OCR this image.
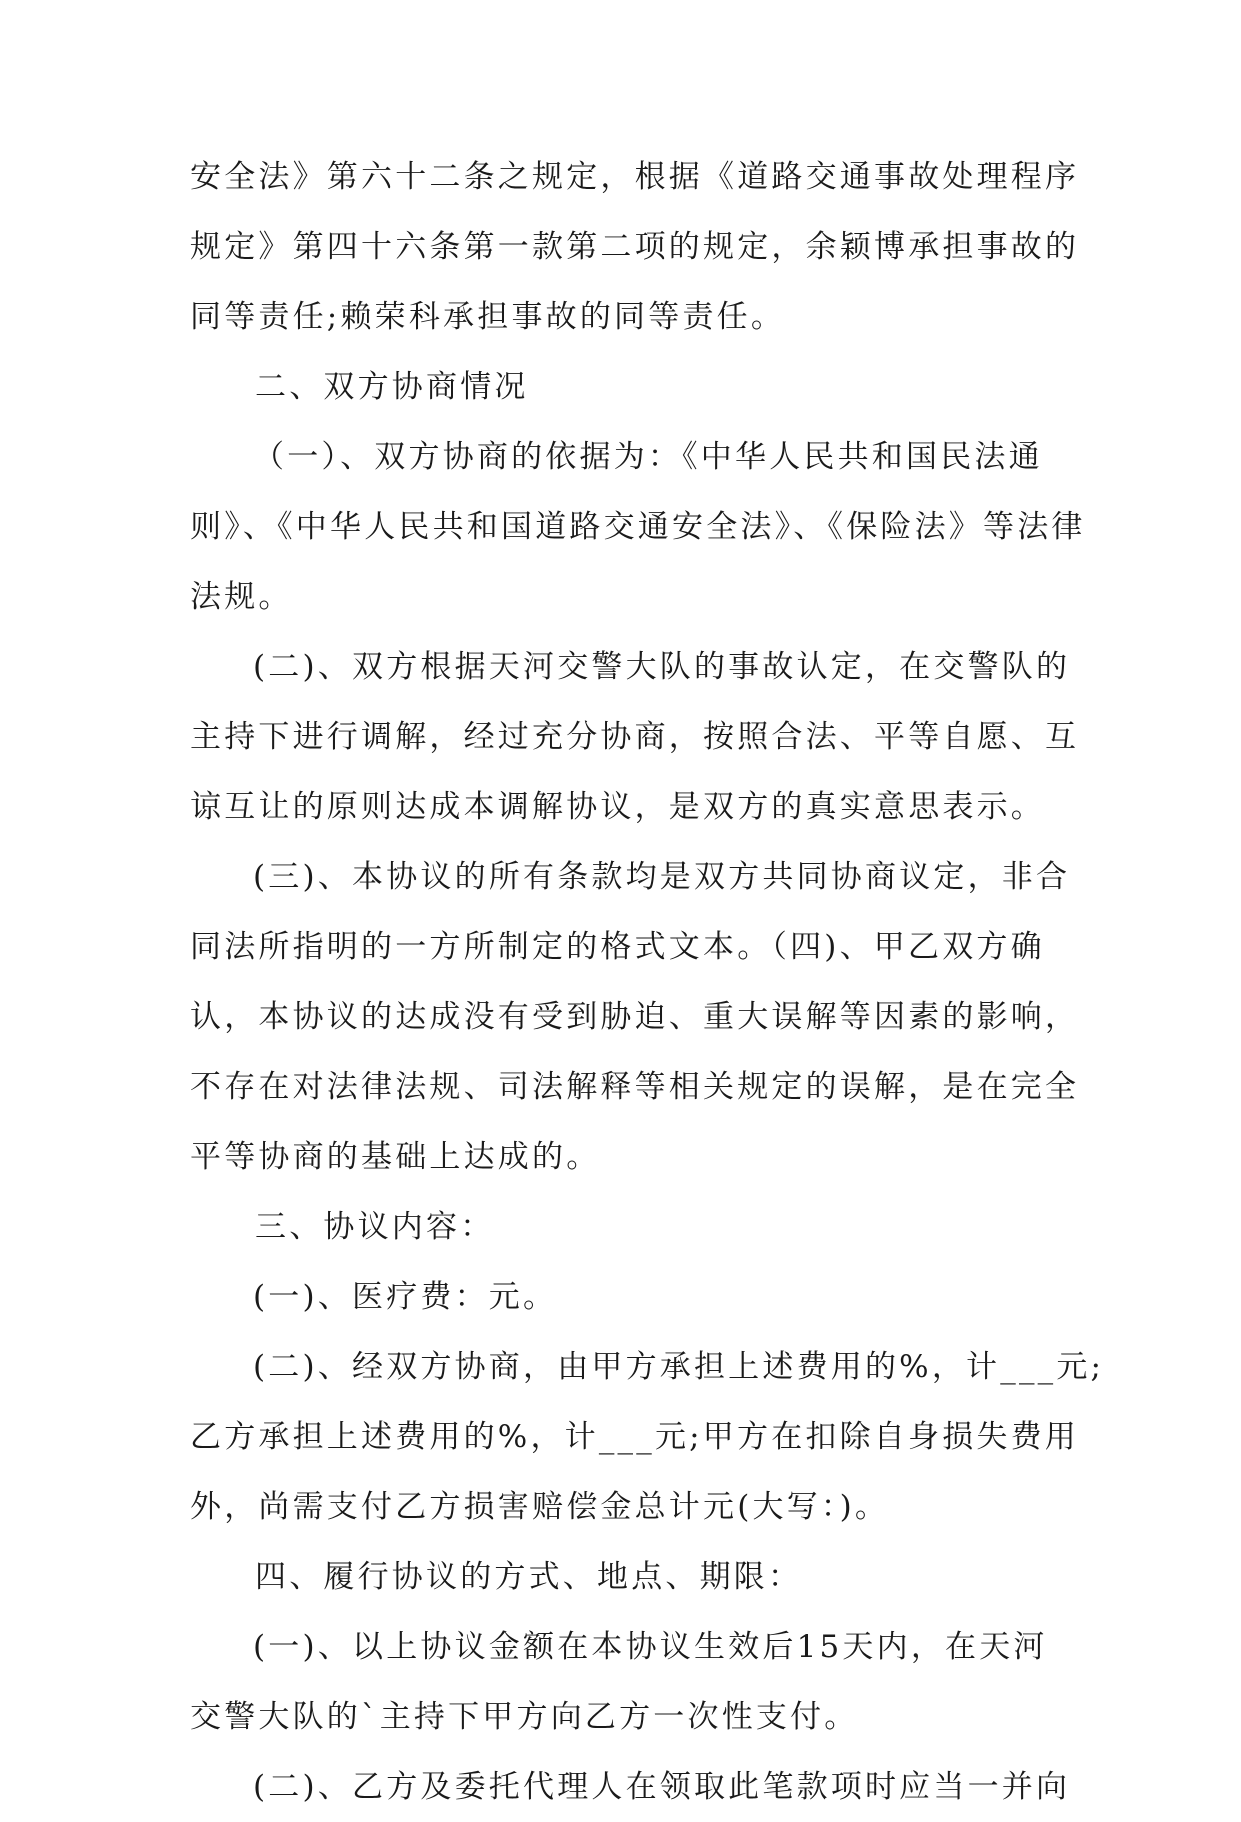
安全法》第六十二条之规定，根据《道路交通事故处理程序
规定》第四十六条第一款第二项的规定，余颖博承担事故的
同等责任;赖荣科承担事故的同等责任。
二、双方协商情况
（一）、双方协商的依据为：《中华人民共和国民法通
则》、《中华人民共和国道路交通安全法》、《保险法》等法律
法规。
(二)、双方根据天河交警大队的事故认定，在交警队的
主持下进行调解，经过充分协商，按照合法、平等自愿、互
谅互让的原则达成本调解协议，是双方的真实意思表示。
(三)、本协议的所有条款均是双方共同协商议定，非合
同法所指明的一方所制定的格式文本。（四)、甲乙双方确
认，本协议的达成没有受到胁迫、重大误解等因素的影响，
不存在对法律法规、司法解释等相关规定的误解，是在完全
平等协商的基础上达成的。
三、协议内容：
(一)、医疗费：元。
(二)、经双方协商，由甲方承担上述费用的%，计___元;
乙方承担上述费用的%，计___元;甲方在扣除自身损失费用
外，尚需支付乙方损害赔偿金总计元(大写：)。
四、履行协议的方式、地点、期限：
(一)、以上协议金额在本协议生效后15天内，在天河
交警大队的`主持下甲方向乙方一次性支付。
(二)、乙方及委托代理人在领取此笔款项时应当一并向
